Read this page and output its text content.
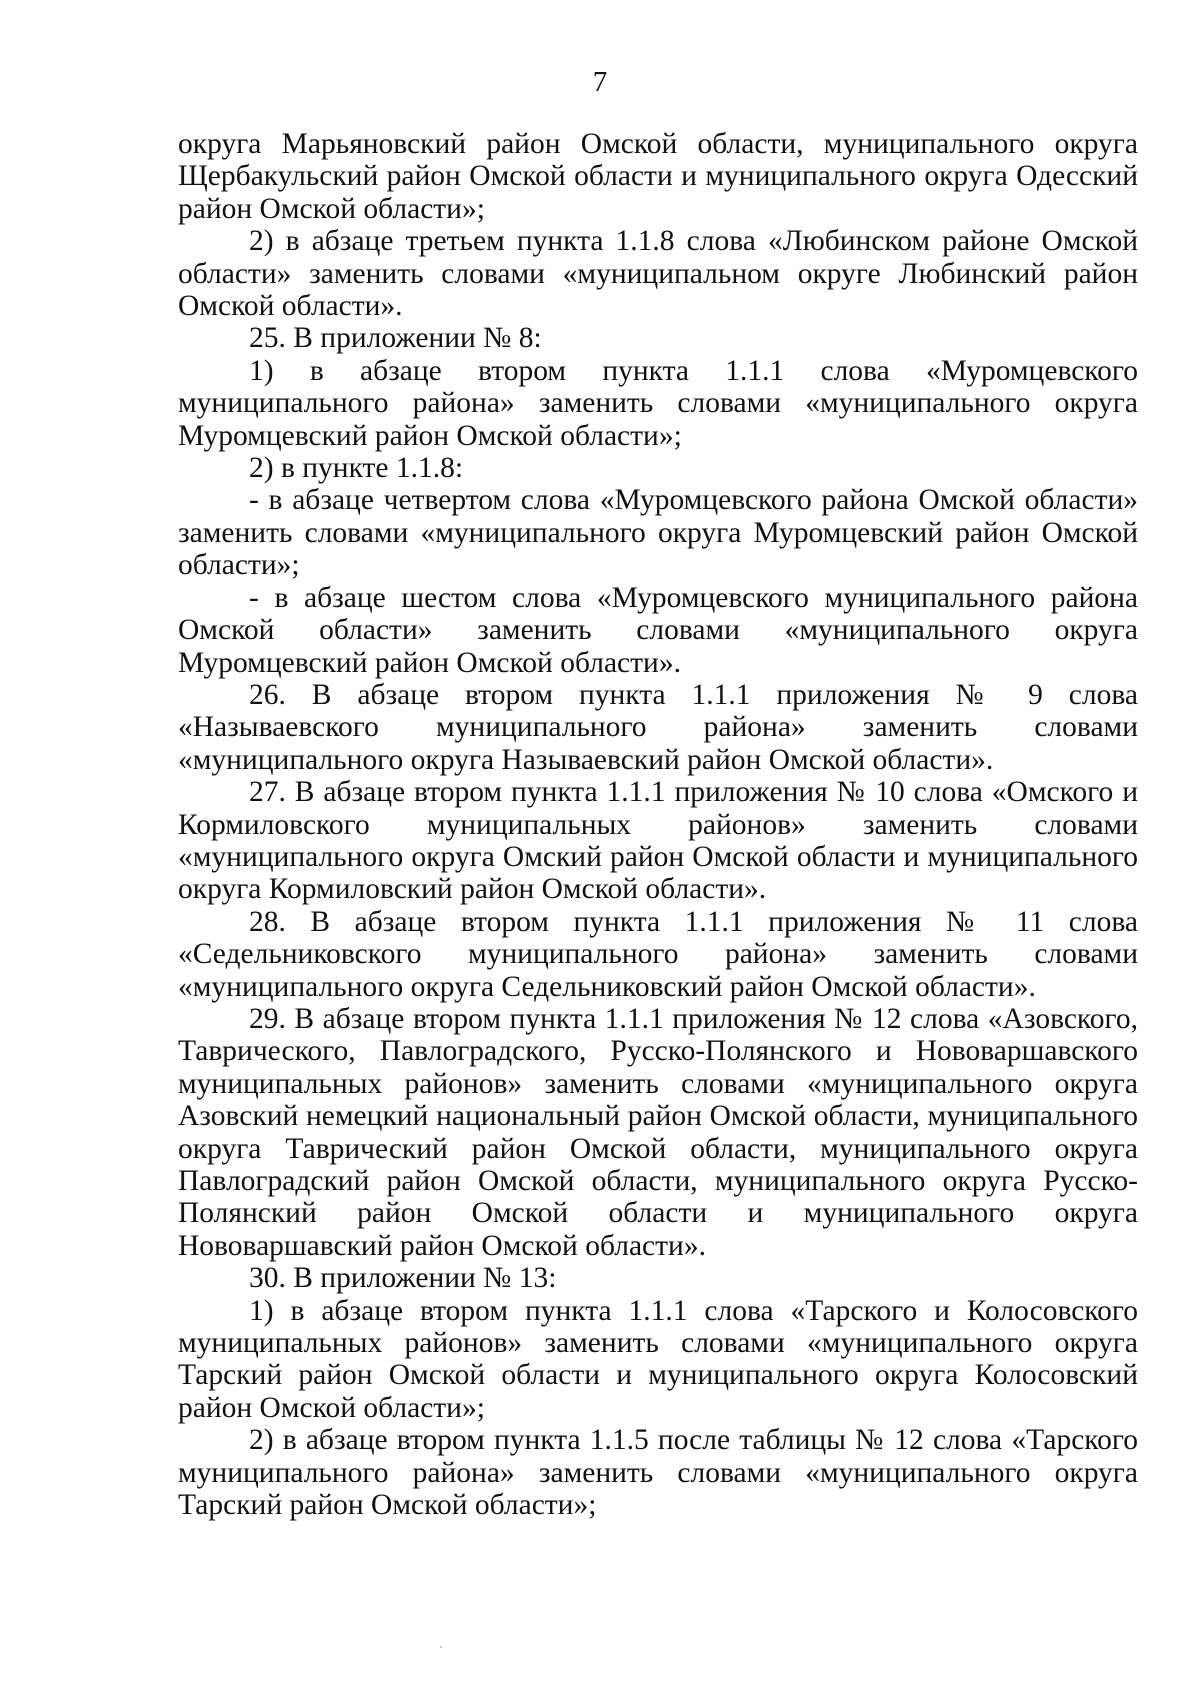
7

округа Марьяновский район Омской области, муниципального округа Щербакульский район Омской области и муниципального округа Одесский район Омской области»;

2) в абзаце третьем пункта 1.1.8 слова «Любинском районе Омской области» заменить словами «муниципальном округе Любинский район Омской области».

25. В приложении № 8:

1) в абзаце втором пункта 1.1.1 слова «Муромцевского муниципального района» заменить словами «муниципального округа Муромцевский район Омской области»;

2) в пункте 1.1.8:

- в абзаце четвертом слова «Муромцевского района Омской области» заменить словами «муниципального округа Муромцевский район Омской области»;

- в абзаце шестом слова «Муромцевского муниципального района Омской области» заменить словами «муниципального округа Муромцевский район Омской области».

26. В абзаце втором пункта 1.1.1 приложения № 9 слова «Называевского муниципального района» заменить словами «муниципального округа Называевский район Омской области».

27. В абзаце втором пункта 1.1.1 приложения № 10 слова «Омского и Кормиловского муниципальных районов» заменить словами «муниципального округа Омский район Омской области и муниципального округа Кормиловский район Омской области».

28. В абзаце втором пункта 1.1.1 приложения № 11 слова «Седельниковского муниципального района» заменить словами «муниципального округа Седельниковский район Омской области».

29. В абзаце втором пункта 1.1.1 приложения № 12 слова «Азовского, Таврического, Павлоградского, Русско-Полянского и Нововаршавского муниципальных районов» заменить словами «муниципального округа Азовский немецкий национальный район Омской области, муниципального округа Таврический район Омской области, муниципального округа Павлоградский район Омской области, муниципального округа Русско-Полянский район Омской области и муниципального округа Нововаршавский район Омской области».

30. В приложении № 13:

1) в абзаце втором пункта 1.1.1 слова «Тарского и Колосовского муниципальных районов» заменить словами «муниципального округа Тарский район Омской области и муниципального округа Колосовский район Омской области»;

2) в абзаце втором пункта 1.1.5 после таблицы № 12 слова «Тарского муниципального района» заменить словами «муниципального округа Тарский район Омской области»;
